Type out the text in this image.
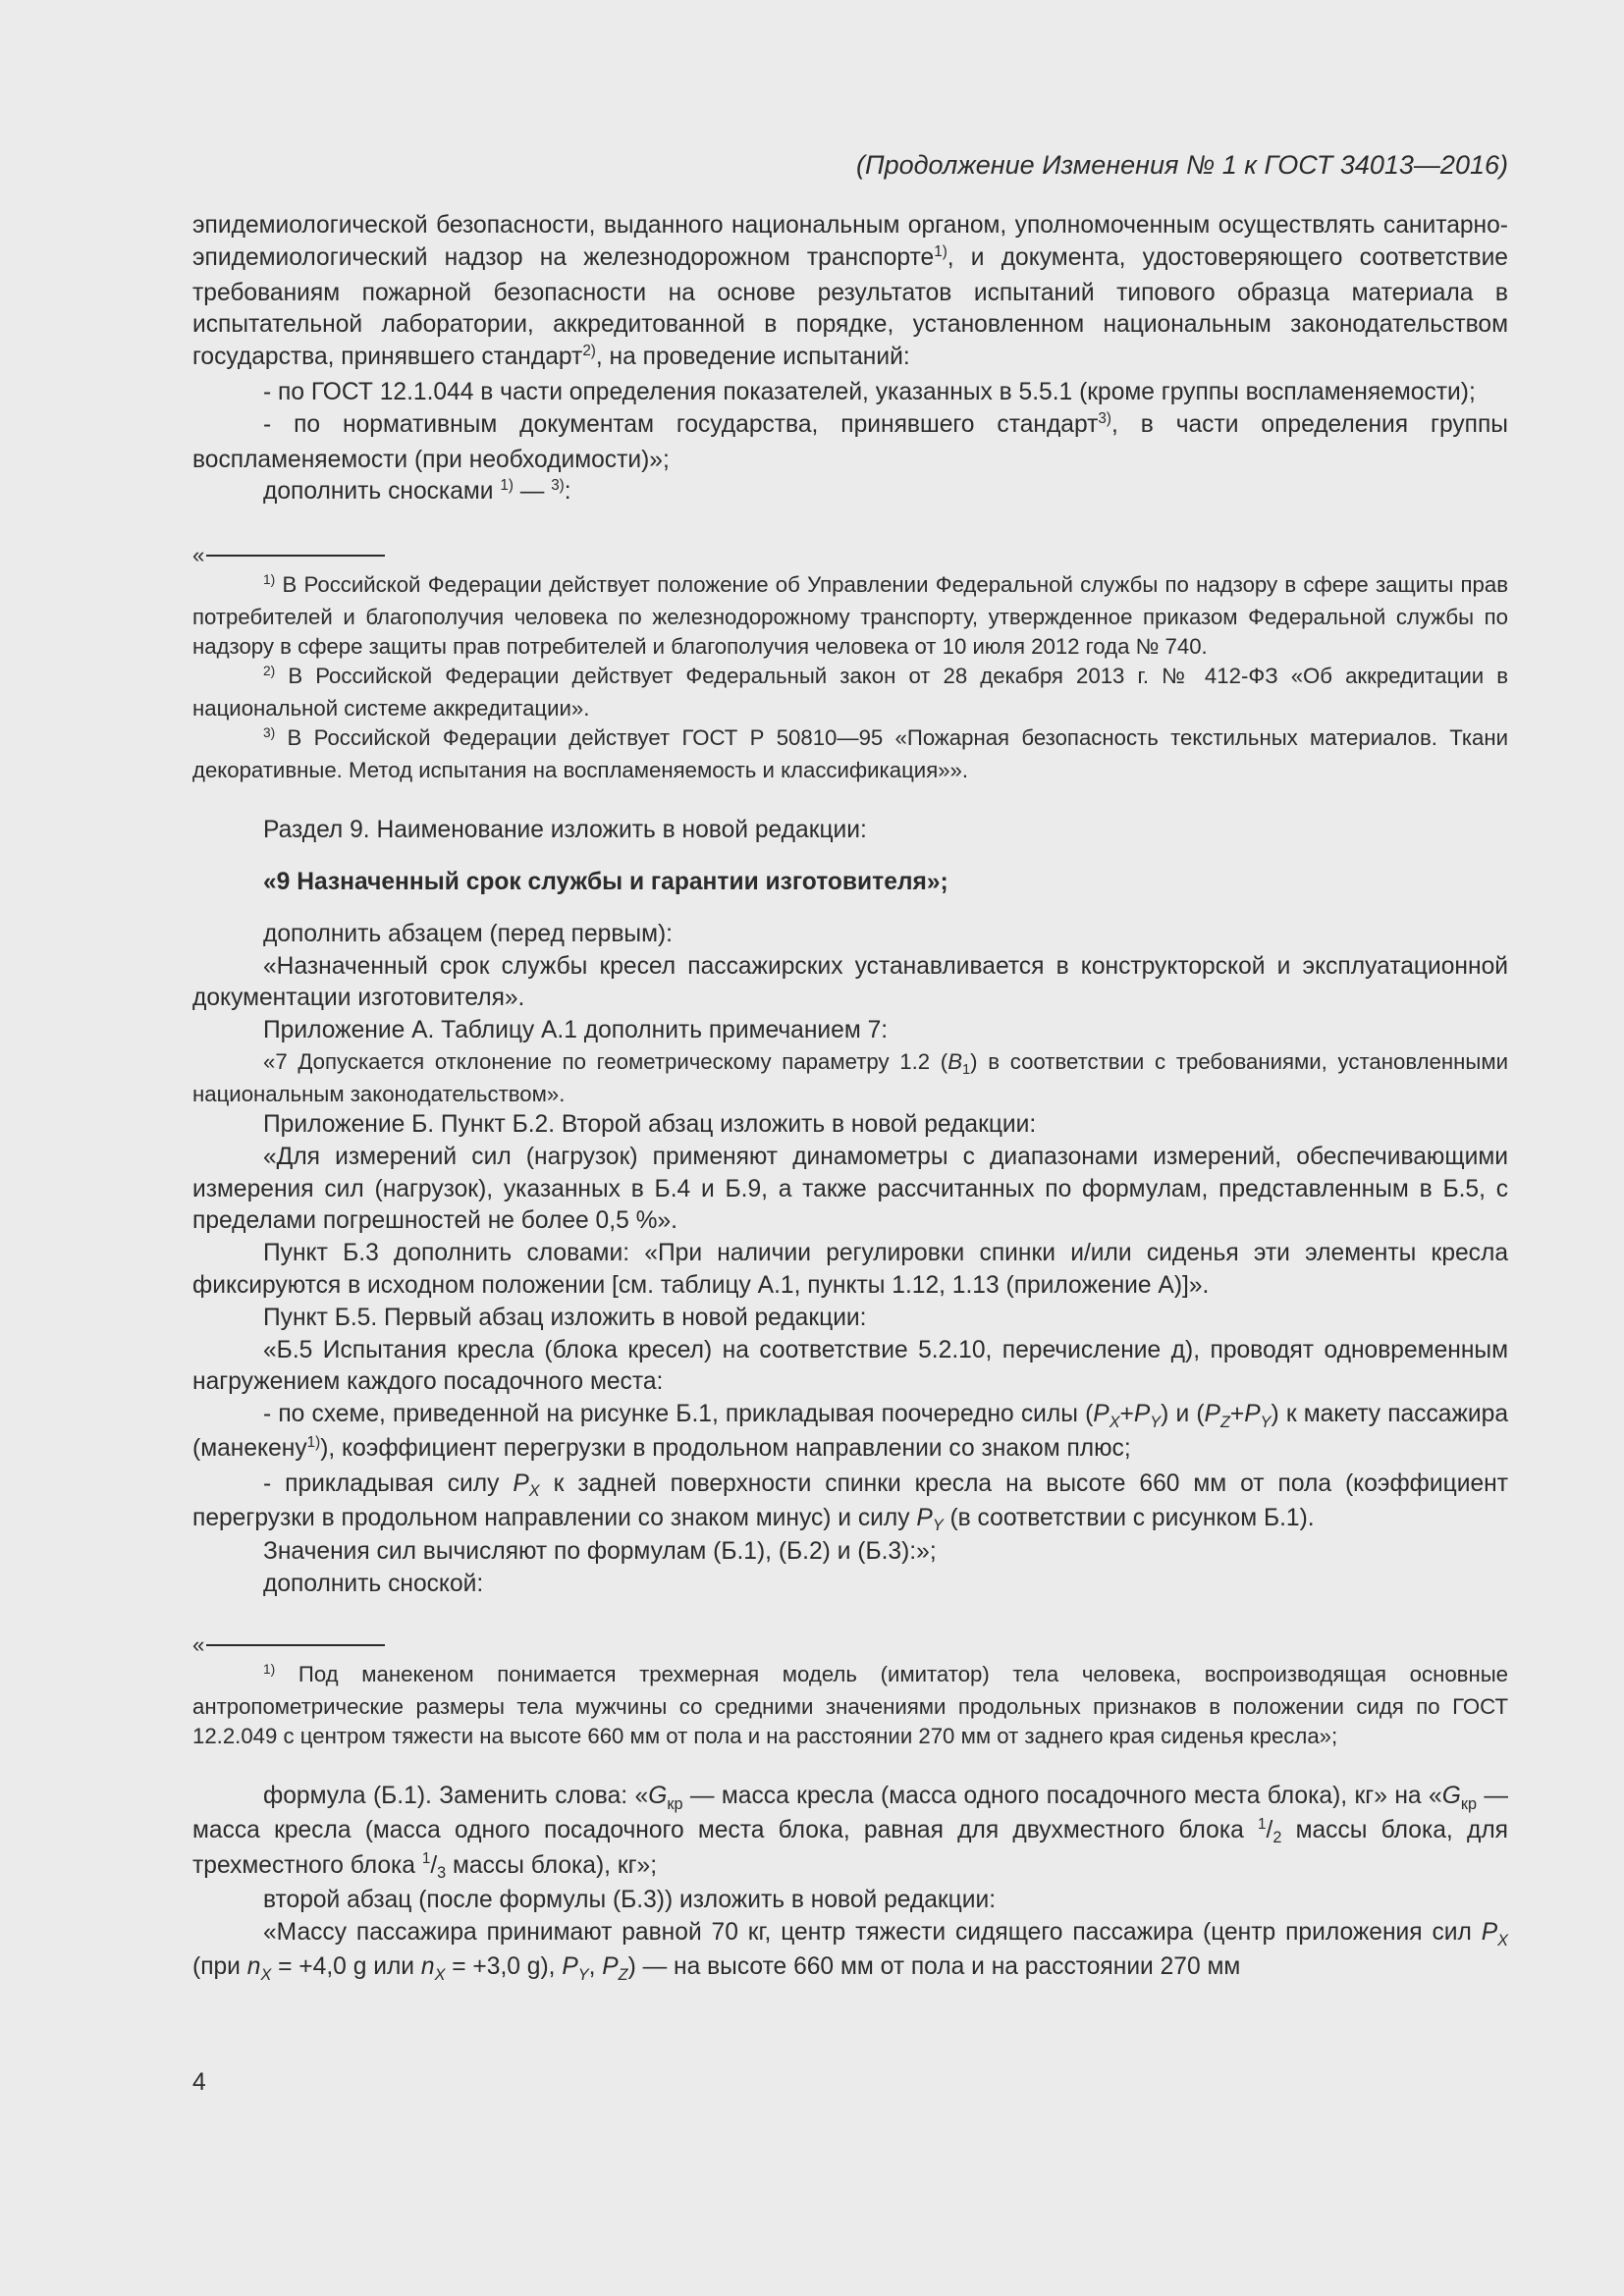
(Продолжение Изменения № 1 к ГОСТ 34013—2016)

эпидемиологической безопасности, выданного национальным органом, уполномоченным осуществлять санитарно-эпидемиологический надзор на железнодорожном транспорте$^{1)}$, и документа, удостоверяющего соответствие требованиям пожарной безопасности на основе результатов испытаний типового образца материала в испытательной лаборатории, аккредитованной в порядке, установленном национальным законодательством государства, принявшего стандарт$^{2)}$, на проведение испытаний:

- по ГОСТ 12.1.044 в части определения показателей, указанных в 5.5.1 (кроме группы воспламеняемости);

- по нормативным документам государства, принявшего стандарт$^{3)}$, в части определения группы воспламеняемости (при необходимости)»;

дополнить сносками $^{1)}$ — $^{3)}$:

«

$^{1)}$ В Российской Федерации действует положение об Управлении Федеральной службы по надзору в сфере защиты прав потребителей и благополучия человека по железнодорожному транспорту, утвержденное приказом Федеральной службы по надзору в сфере защиты прав потребителей и благополучия человека от 10 июля 2012 года № 740.

$^{2)}$ В Российской Федерации действует Федеральный закон от 28 декабря 2013 г. № 412-ФЗ «Об аккредитации в национальной системе аккредитации».

$^{3)}$ В Российской Федерации действует ГОСТ Р 50810—95 «Пожарная безопасность текстильных материалов. Ткани декоративные. Метод испытания на воспламеняемость и классификация»».

Раздел 9. Наименование изложить в новой редакции:

«9 Назначенный срок службы и гарантии изготовителя»;

дополнить абзацем (перед первым):

«Назначенный срок службы кресел пассажирских устанавливается в конструкторской и эксплуатационной документации изготовителя».

Приложение А. Таблицу А.1 дополнить примечанием 7:

«7 Допускается отклонение по геометрическому параметру 1.2 $(B_1)$ в соответствии с требованиями, установленными национальным законодательством».

Приложение Б. Пункт Б.2. Второй абзац изложить в новой редакции:

«Для измерений сил (нагрузок) применяют динамометры с диапазонами измерений, обеспечивающими измерения сил (нагрузок), указанных в Б.4 и Б.9, а также рассчитанных по формулам, представленным в Б.5, с пределами погрешностей не более 0,5 %».

Пункт Б.3 дополнить словами: «При наличии регулировки спинки и/или сиденья эти элементы кресла фиксируются в исходном положении [см. таблицу А.1, пункты 1.12, 1.13 (приложение А)]».

Пункт Б.5. Первый абзац изложить в новой редакции:

«Б.5 Испытания кресла (блока кресел) на соответствие 5.2.10, перечисление д), проводят одновременным нагружением каждого посадочного места:

- по схеме, приведенной на рисунке Б.1, прикладывая поочередно силы $(P_X+P_Y)$ и $(P_Z+P_Y)$ к макету пассажира (манекену$^{1)}$), коэффициент перегрузки в продольном направлении со знаком плюс;

- прикладывая силу $P_X$ к задней поверхности спинки кресла на высоте 660 мм от пола (коэффициент перегрузки в продольном направлении со знаком минус) и силу $P_Y$ (в соответствии с рисунком Б.1).

Значения сил вычисляют по формулам (Б.1), (Б.2) и (Б.3):»;

дополнить сноской:

«

$^{1)}$ Под манекеном понимается трехмерная модель (имитатор) тела человека, воспроизводящая основные антропометрические размеры тела мужчины со средними значениями продольных признаков в положении сидя по ГОСТ 12.2.049 с центром тяжести на высоте 660 мм от пола и на расстоянии 270 мм от заднего края сиденья кресла»;

формула (Б.1). Заменить слова: «$G_{кр}$ — масса кресла (масса одного посадочного места блока), кг» на «$G_{кр}$ — масса кресла (масса одного посадочного места блока, равная для двухместного блока $^1/_2$ массы блока, для трехместного блока $^1/_3$ массы блока), кг»;

второй абзац (после формулы (Б.3)) изложить в новой редакции:

«Массу пассажира принимают равной 70 кг, центр тяжести сидящего пассажира (центр приложения сил $P_X$ (при $n_X = +4,0$ g или $n_X = +3,0$ g), $P_Y$, $P_Z$) — на высоте 660 мм от пола и на расстоянии 270 мм

4
